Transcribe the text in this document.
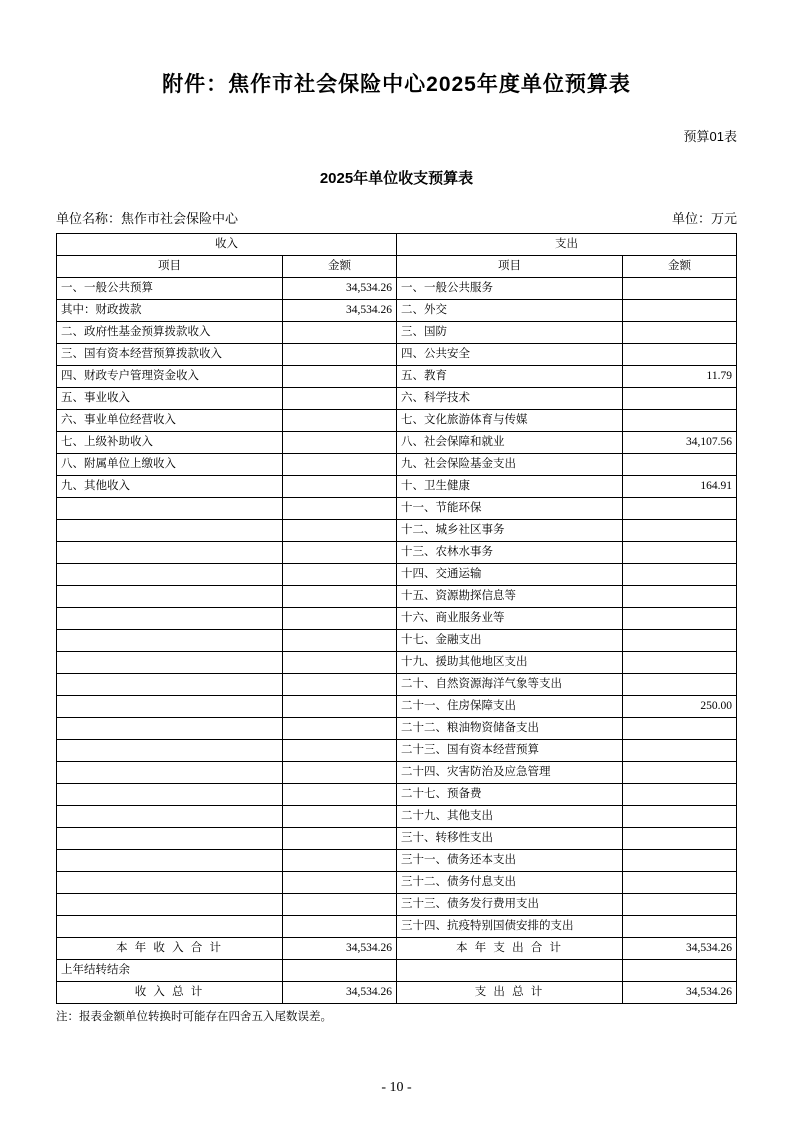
附件：焦作市社会保险中心2025年度单位预算表
预算01表
2025年单位收支预算表
单位名称：焦作市社会保险中心	单位：万元
收入		支出	
项目	金额	项目	金额
一、一般公共预算	34,534.26	一、一般公共服务	
其中：财政拨款	34,534.26	二、外交	
二、政府性基金预算拨款收入		三、国防	
三、国有资本经营预算拨款收入		四、公共安全	
四、财政专户管理资金收入		五、教育	11.79
五、事业收入		六、科学技术	
六、事业单位经营收入		七、文化旅游体育与传媒	
七、上级补助收入		八、社会保障和就业	34,107.56
八、附属单位上缴收入		九、社会保险基金支出	
九、其他收入		十、卫生健康	164.91
		十一、节能环保	
		十二、城乡社区事务	
		十三、农林水事务	
		十四、交通运输	
		十五、资源勘探信息等	
		十六、商业服务业等	
		十七、金融支出	
		十九、援助其他地区支出	
		二十、自然资源海洋气象等支出	
		二十一、住房保障支出	250.00
		二十二、粮油物资储备支出	
		二十三、国有资本经营预算	
		二十四、灾害防治及应急管理	
		二十七、预备费	
		二十九、其他支出	
		三十、转移性支出	
		三十一、债务还本支出	
		三十二、债务付息支出	
		三十三、债务发行费用支出	
		三十四、抗疫特别国债安排的支出	
本 年 收 入 合 计	34,534.26	本 年 支 出 合 计	34,534.26
上年结转结余			
收 入 总 计	34,534.26	支 出 总 计	34,534.26
注：报表金额单位转换时可能存在四舍五入尾数误差。
- 10 -
